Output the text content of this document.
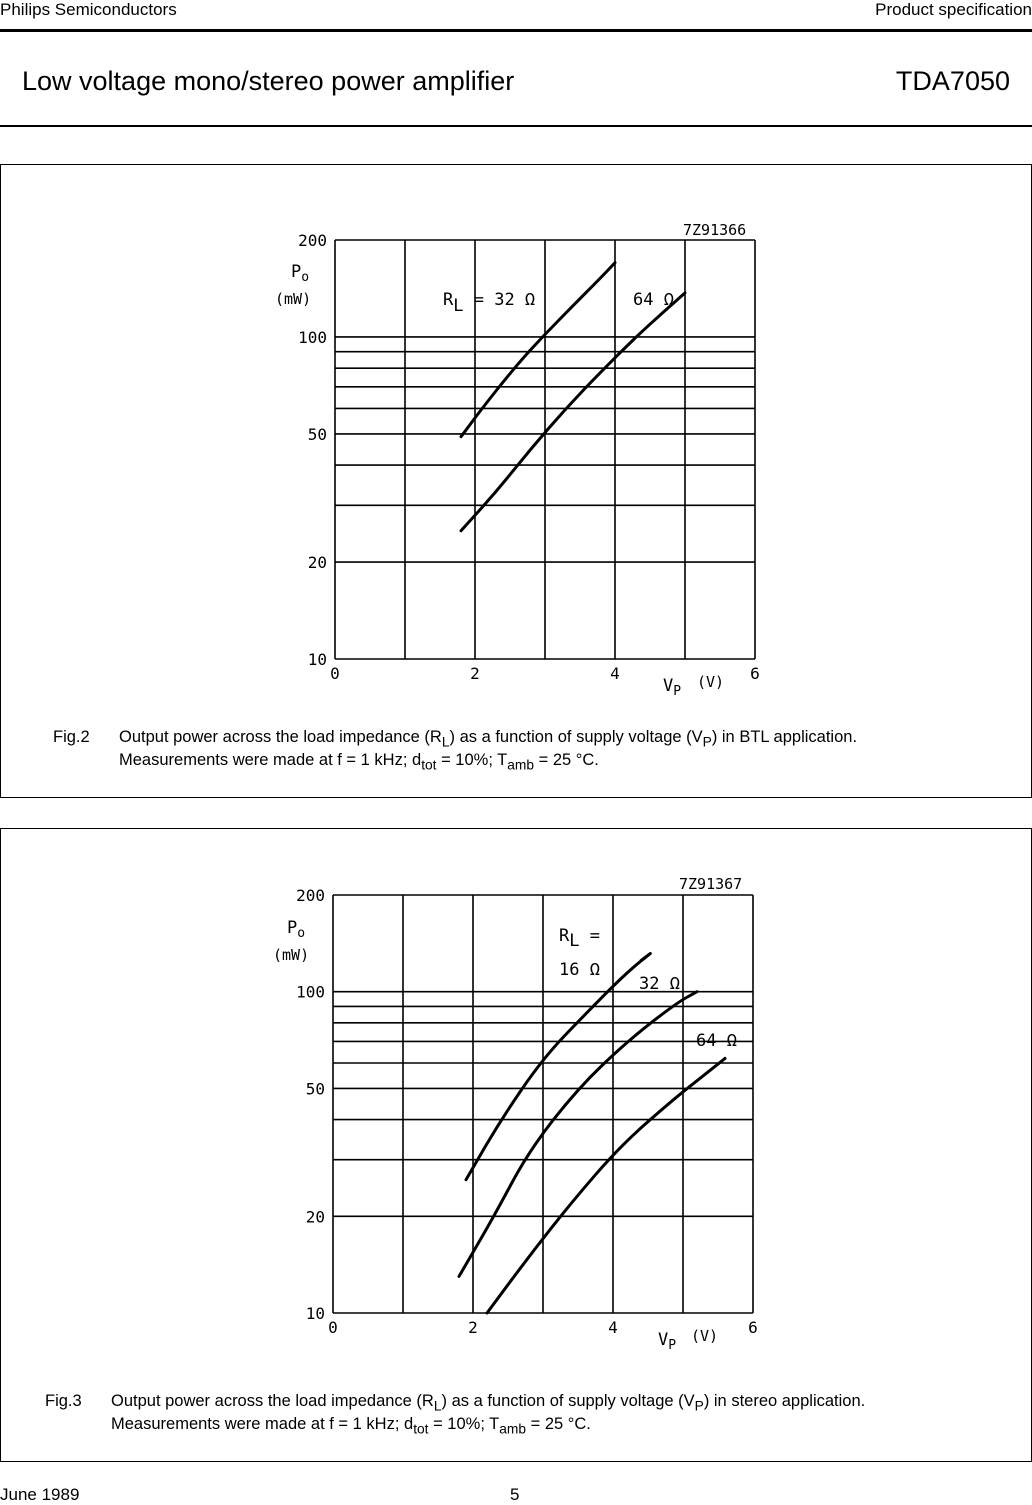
Philips Semiconductors	Product specification
Low voltage mono/stereo power amplifier	TDA7050
7Z91366
$P_o$
(mW)
$V_P$
(V)
RL = 32 Ω	64 Ω
10
20
50
100
200
0	2	4	6
Fig.2 Output power across the load impedance $(R_L)$ as a function of supply voltage $(V_P)$ in BTL application.
Measurements were made at f = 1 kHz; $d_{tot} = 10\%$; $T_{amb} = 25$ °C.
7Z91367
$P_o$
(mW)
$V_P$
(V)
RL =
16 Ω
32 Ω
64 Ω
10
20
50
100
200
0	2	4	6
Fig.3 Output power across the load impedance $(R_L)$ as a function of supply voltage $(V_P)$ in stereo application.
Measurements were made at f = 1 kHz; $d_{tot} = 10\%$; $T_{amb} = 25$ °C.
June 1989	5
